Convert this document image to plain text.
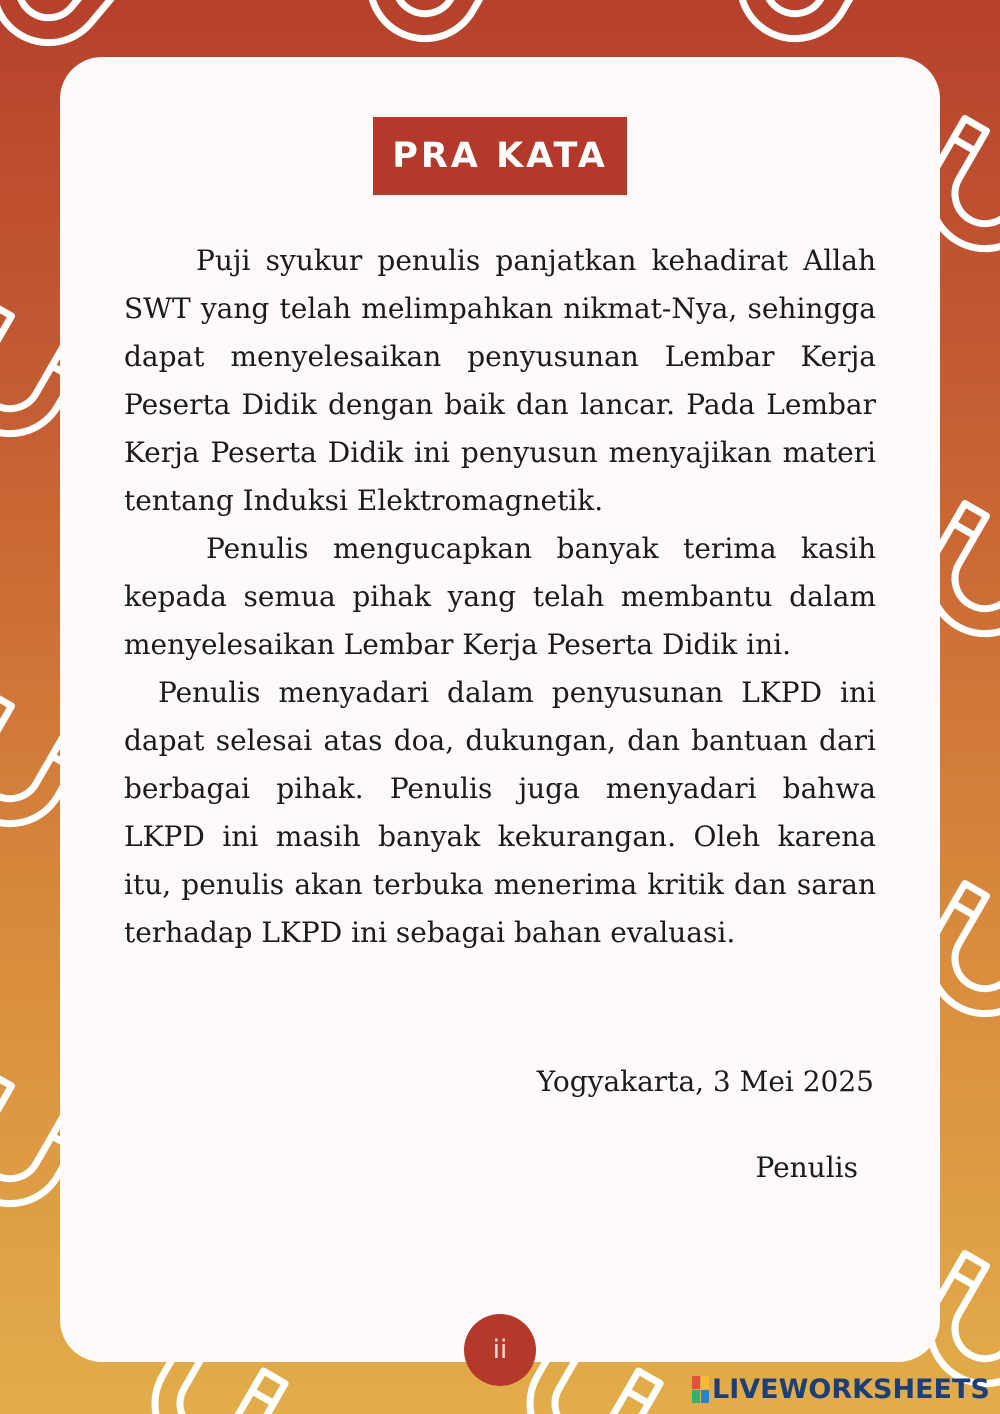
PRA KATA

Puji syukur penulis panjatkan kehadirat Allah SWT yang telah melimpahkan nikmat-Nya, sehingga dapat menyelesaikan penyusunan Lembar Kerja Peserta Didik dengan baik dan lancar. Pada Lembar Kerja Peserta Didik ini penyusun menyajikan materi tentang Induksi Elektromagnetik.

Penulis mengucapkan banyak terima kasih kepada semua pihak yang telah membantu dalam menyelesaikan Lembar Kerja Peserta Didik ini.

Penulis menyadari dalam penyusunan LKPD ini dapat selesai atas doa, dukungan, dan bantuan dari berbagai pihak. Penulis juga menyadari bahwa LKPD ini masih banyak kekurangan. Oleh karena itu, penulis akan terbuka menerima kritik dan saran terhadap LKPD ini sebagai bahan evaluasi.

Yogyakarta, 3 Mei 2025
Penulis
ii
LIVEWORKSHEETS
